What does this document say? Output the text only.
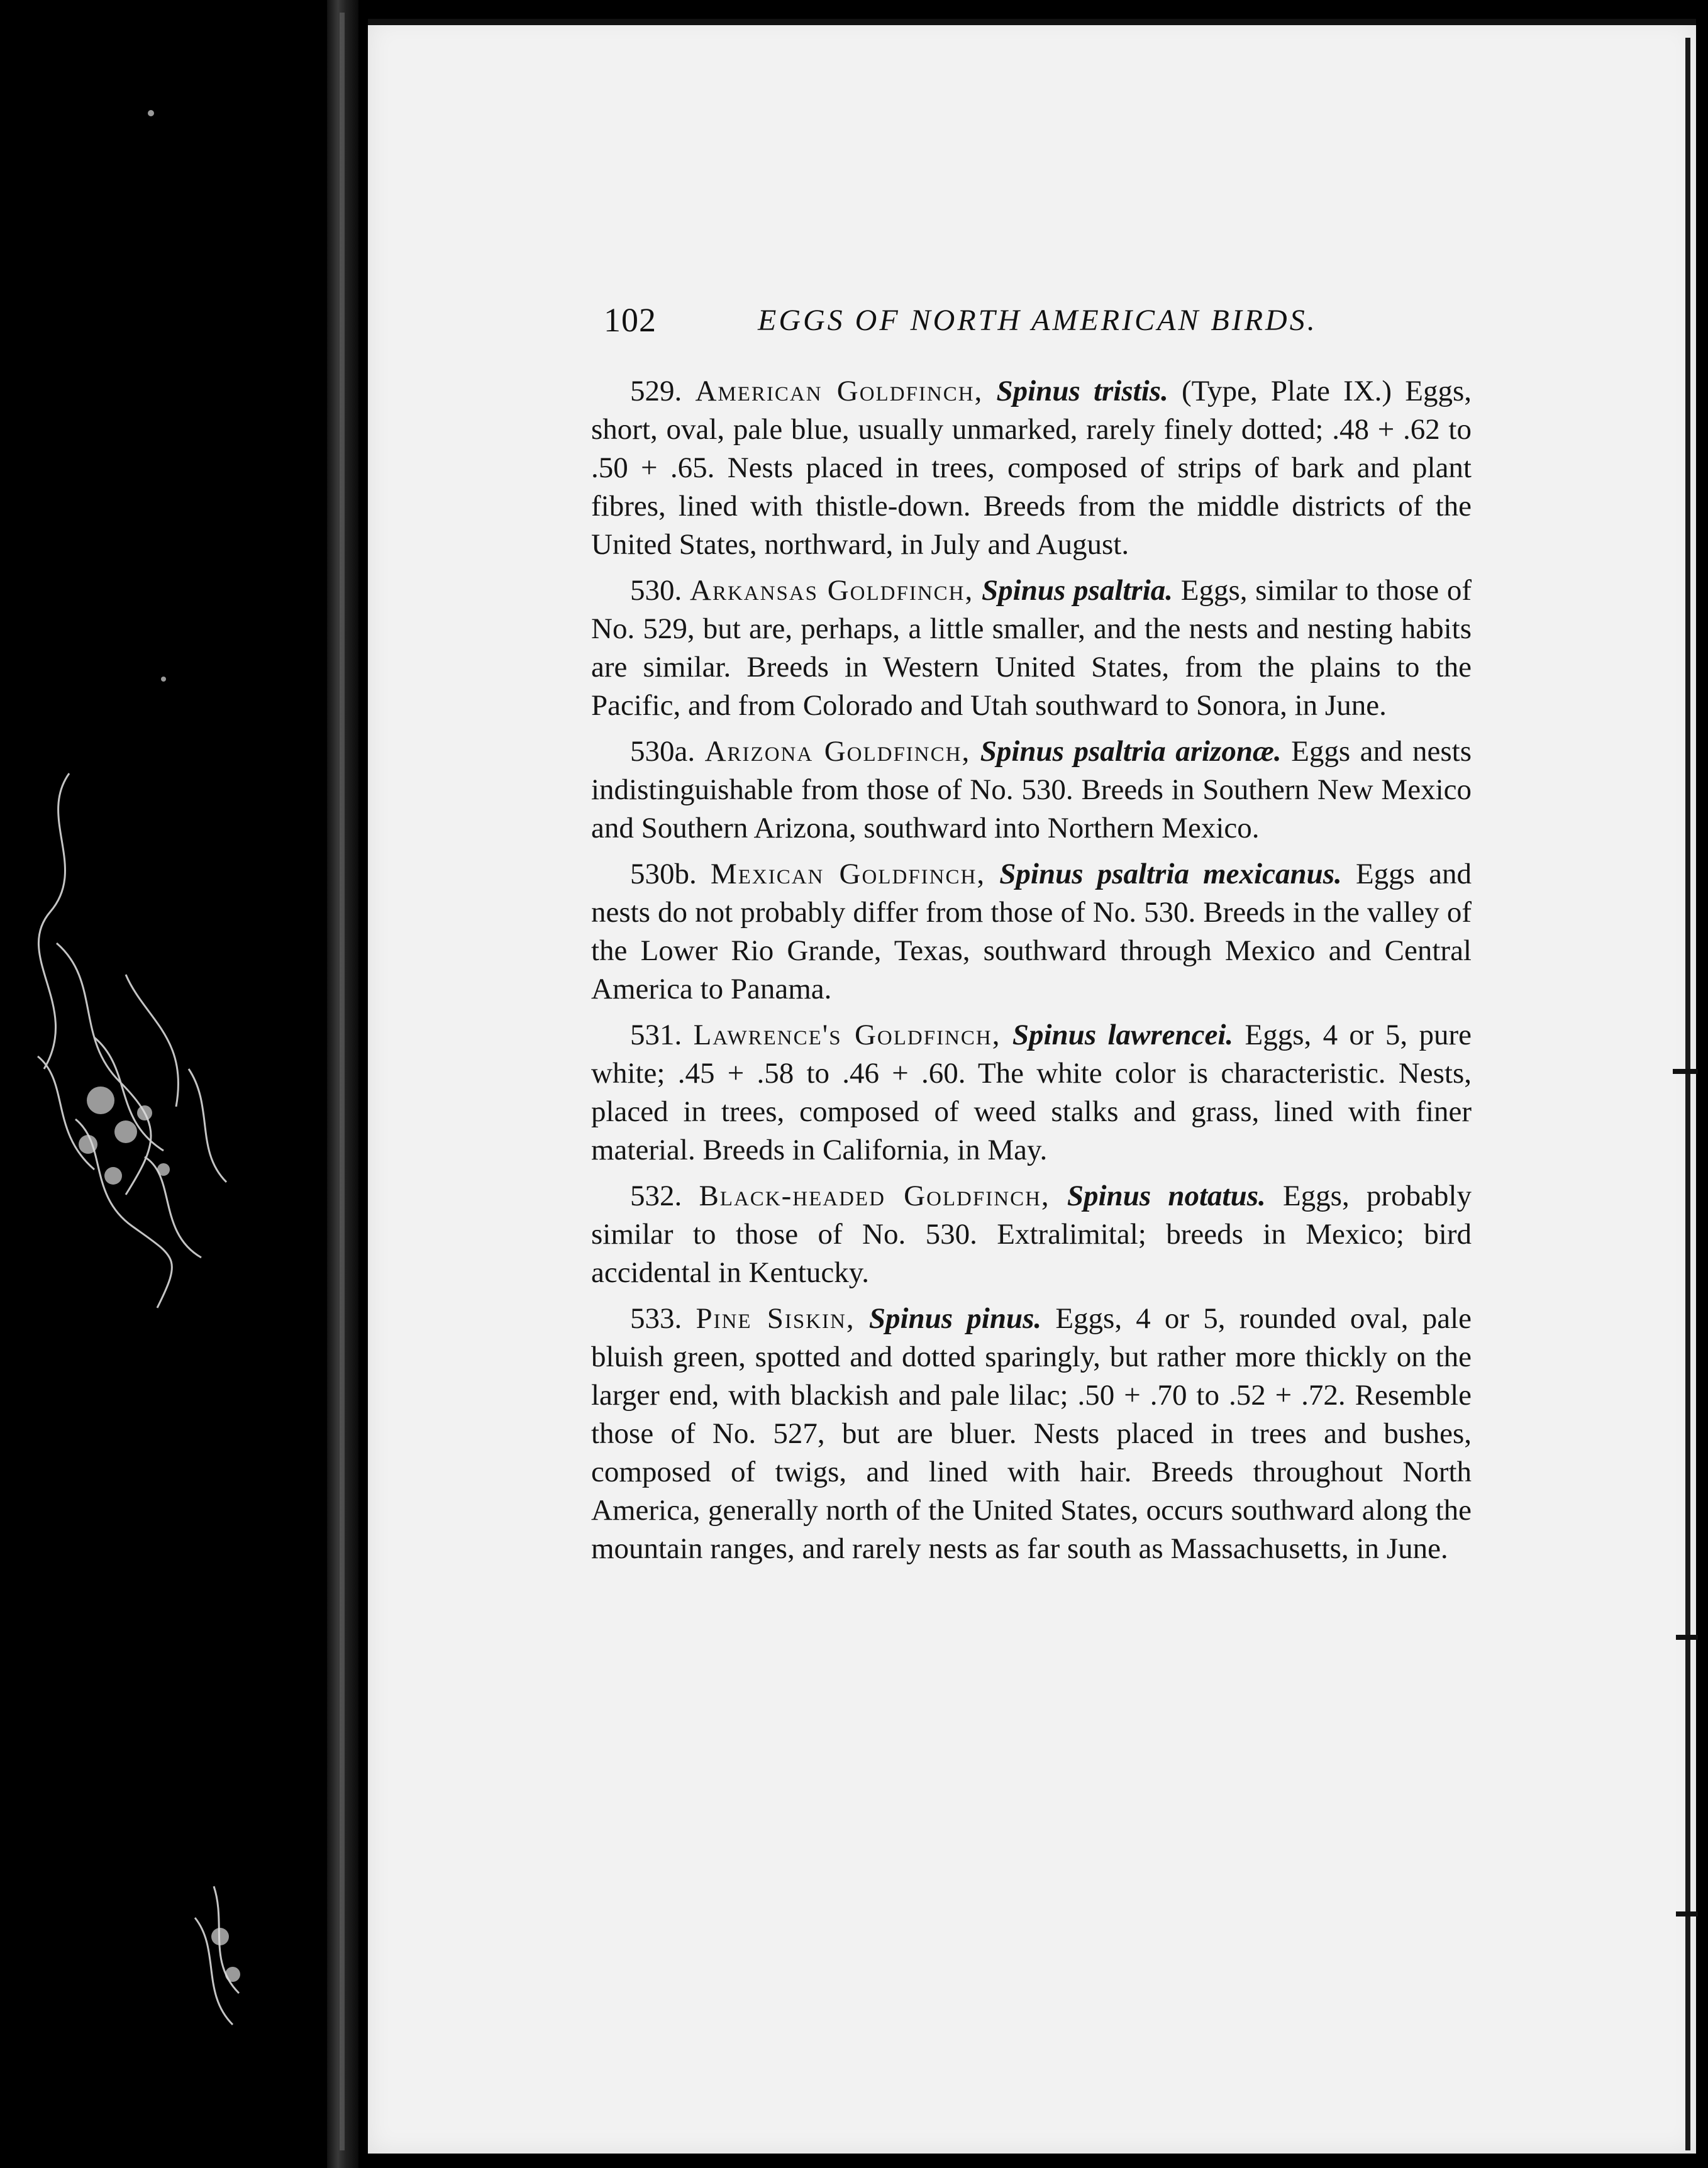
102	EGGS OF NORTH AMERICAN BIRDS.

529. American Goldfinch, Spinus tristis. (Type, Plate IX.) Eggs, short, oval, pale blue, usually unmarked, rarely finely dotted; .48 + .62 to .50 + .65. Nests placed in trees, composed of strips of bark and plant fibres, lined with thistle-down. Breeds from the middle districts of the United States, northward, in July and August.

530. Arkansas Goldfinch, Spinus psaltria. Eggs, similar to those of No. 529, but are, perhaps, a little smaller, and the nests and nesting habits are similar. Breeds in Western United States, from the plains to the Pacific, and from Colorado and Utah southward to Sonora, in June.

530a. Arizona Goldfinch, Spinus psaltria arizonæ. Eggs and nests indistinguishable from those of No. 530. Breeds in Southern New Mexico and Southern Arizona, southward into Northern Mexico.

530b. Mexican Goldfinch, Spinus psaltria mexicanus. Eggs and nests do not probably differ from those of No. 530. Breeds in the valley of the Lower Rio Grande, Texas, southward through Mexico and Central America to Panama.

531. Lawrence's Goldfinch, Spinus lawrencei. Eggs, 4 or 5, pure white; .45 + .58 to .46 + .60. The white color is characteristic. Nests, placed in trees, composed of weed stalks and grass, lined with finer material. Breeds in California, in May.

532. Black-headed Goldfinch, Spinus notatus. Eggs, probably similar to those of No. 530. Extralimital; breeds in Mexico; bird accidental in Kentucky.

533. Pine Siskin, Spinus pinus. Eggs, 4 or 5, rounded oval, pale bluish green, spotted and dotted sparingly, but rather more thickly on the larger end, with blackish and pale lilac; .50 + .70 to .52 + .72. Resemble those of No. 527, but are bluer. Nests placed in trees and bushes, composed of twigs, and lined with hair. Breeds throughout North America, generally north of the United States, occurs southward along the mountain ranges, and rarely nests as far south as Massachusetts, in June.
